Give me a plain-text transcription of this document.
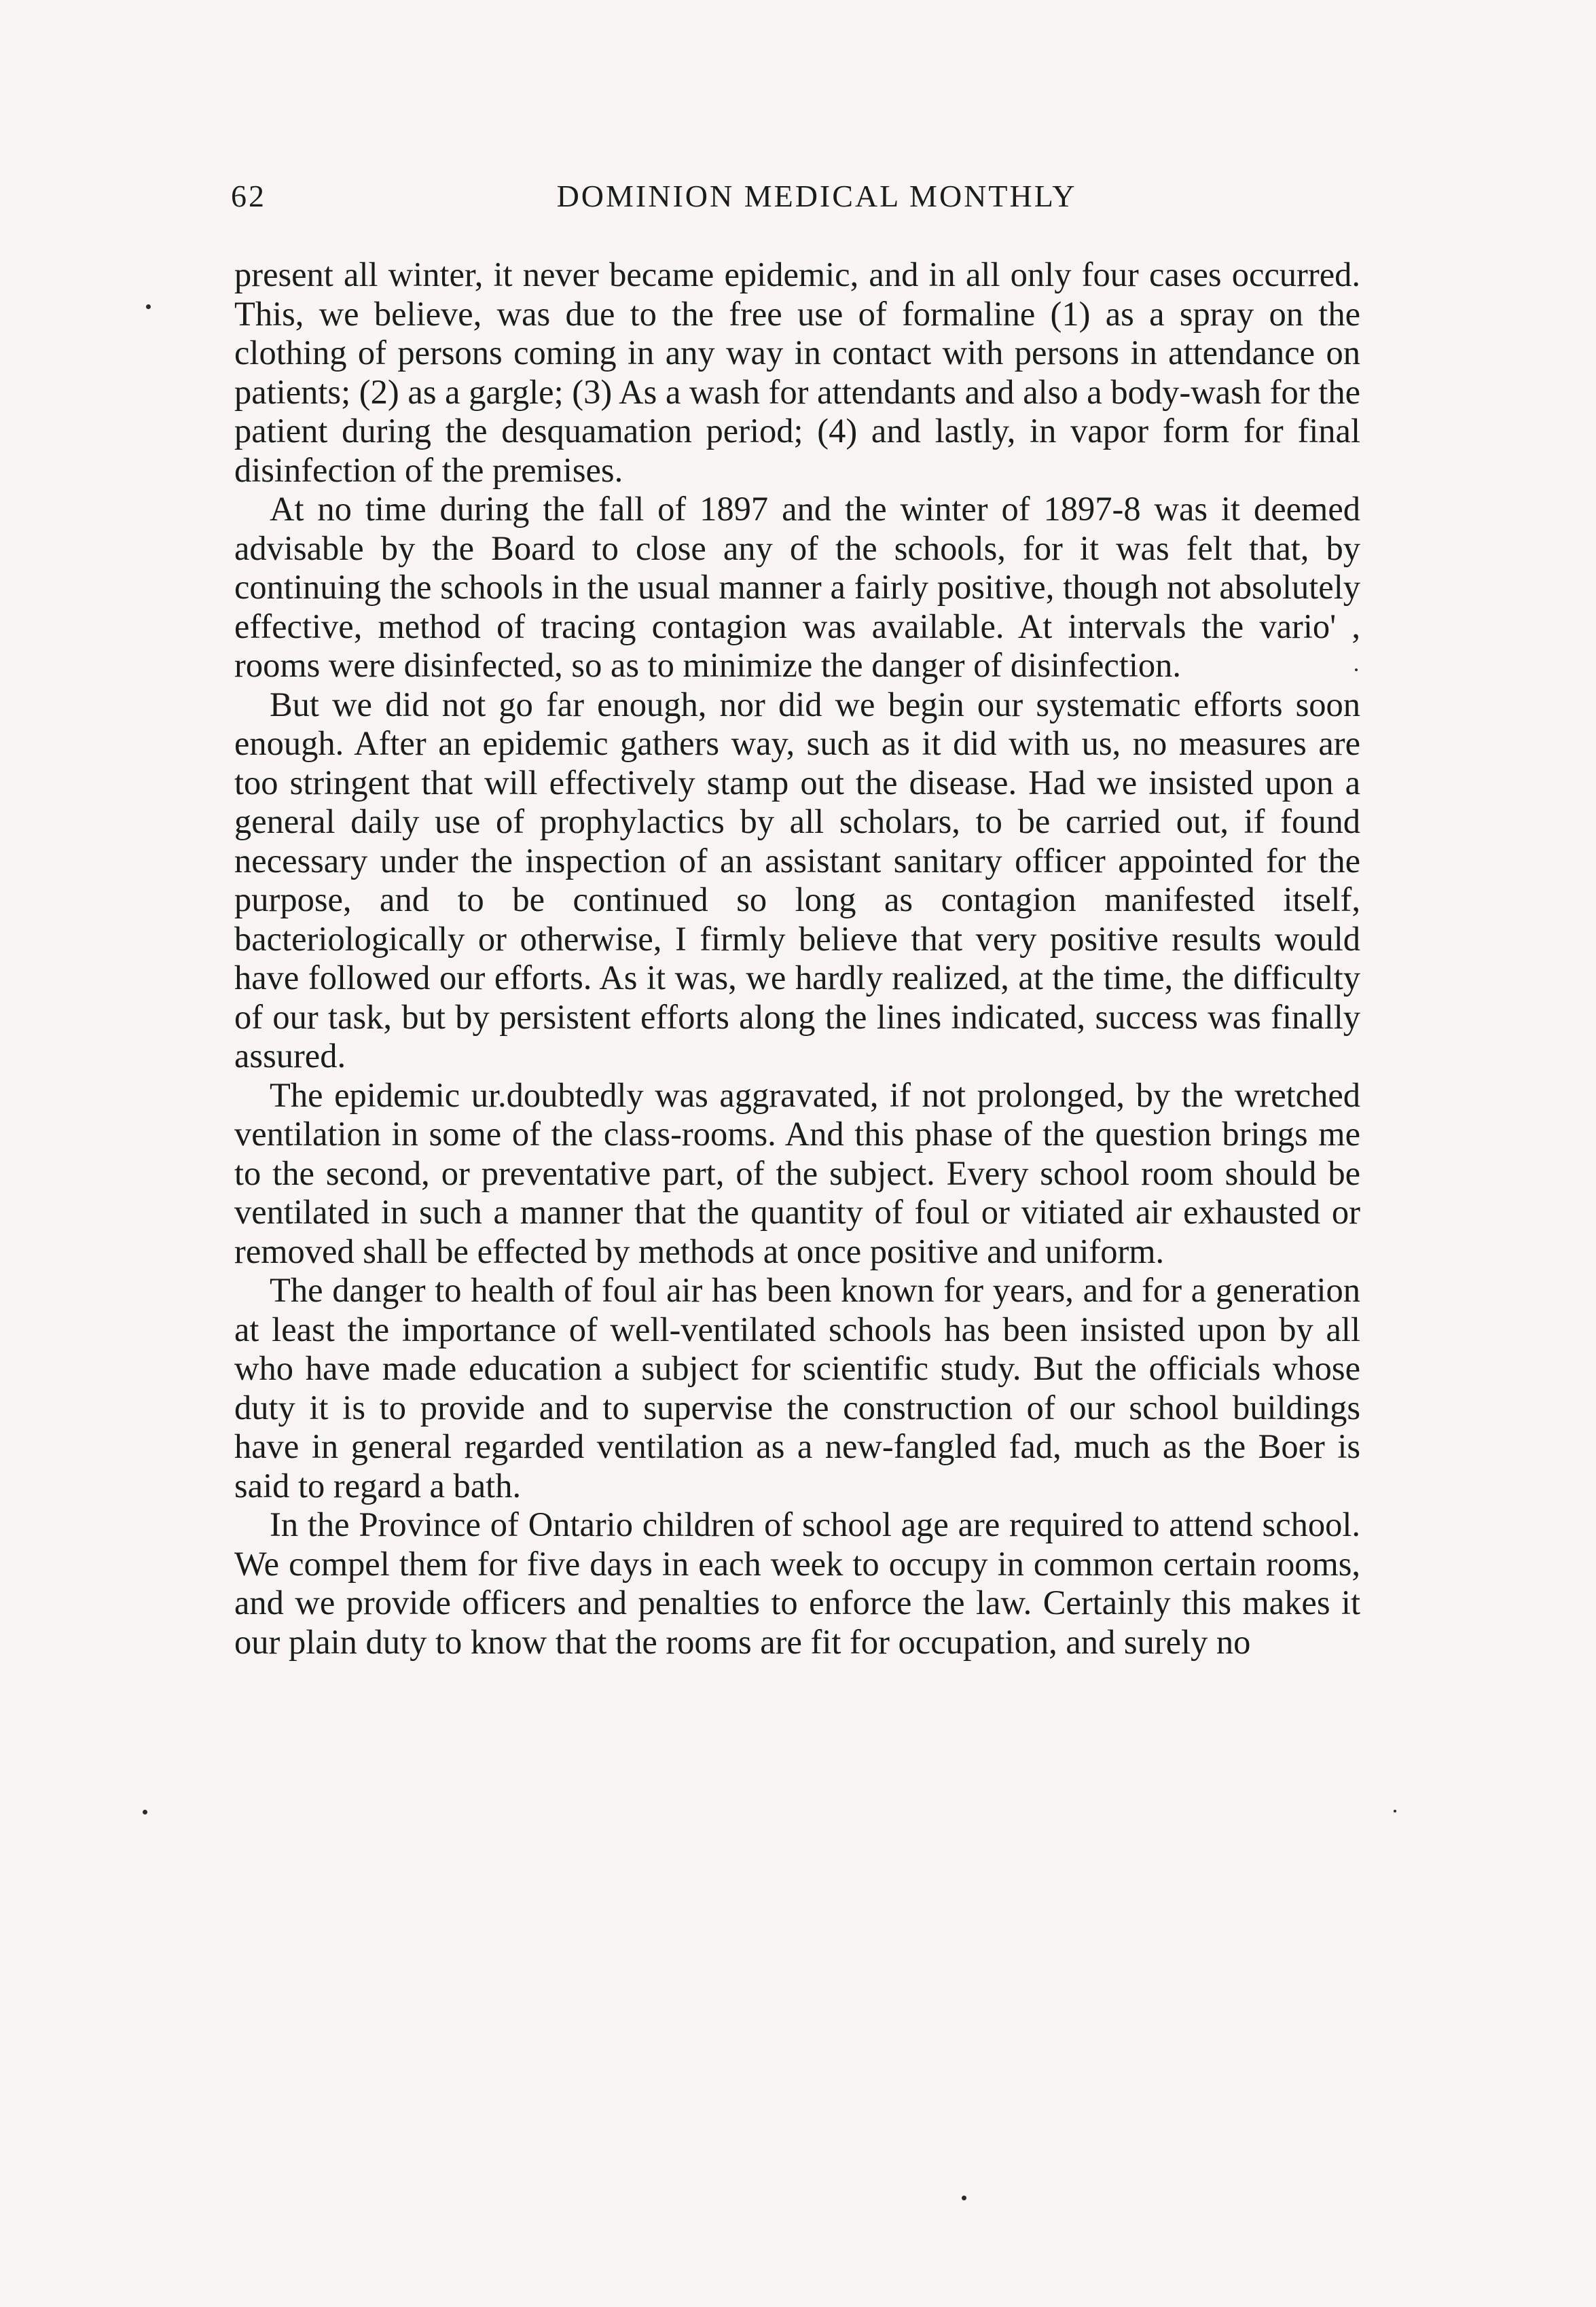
62	DOMINION MEDICAL MONTHLY

present all winter, it never became epidemic, and in all only four cases occurred. This, we believe, was due to the free use of formaline (1) as a spray on the clothing of persons coming in any way in contact with persons in attendance on patients; (2) as a gargle; (3) As a wash for attendants and also a body-wash for the patient during the desquamation period; (4) and lastly, in vapor form for final disinfection of the premises.

At no time during the fall of 1897 and the winter of 1897-8 was it deemed advisable by the Board to close any of the schools, for it was felt that, by continuing the schools in the usual manner a fairly positive, though not absolutely effective, method of tracing contagion was available. At intervals the vario' , rooms were disinfected, so as to minimize the danger of disinfection.

But we did not go far enough, nor did we begin our systematic efforts soon enough. After an epidemic gathers way, such as it did with us, no measures are too stringent that will effectively stamp out the disease. Had we insisted upon a general daily use of prophylactics by all scholars, to be carried out, if found necessary under the inspection of an assistant sanitary officer appointed for the purpose, and to be continued so long as contagion manifested itself, bacteriologically or otherwise, I firmly believe that very positive results would have followed our efforts. As it was, we hardly realized, at the time, the difficulty of our task, but by persistent efforts along the lines indicated, success was finally assured.

The epidemic ur.doubtedly was aggravated, if not prolonged, by the wretched ventilation in some of the class-rooms. And this phase of the question brings me to the second, or preventative part, of the subject. Every school room should be ventilated in such a manner that the quantity of foul or vitiated air exhausted or removed shall be effected by methods at once positive and uniform.

The danger to health of foul air has been known for years, and for a generation at least the importance of well-ventilated schools has been insisted upon by all who have made education a subject for scientific study. But the officials whose duty it is to provide and to supervise the construction of our school buildings have in general regarded ventilation as a new-fangled fad, much as the Boer is said to regard a bath.

In the Province of Ontario children of school age are required to attend school. We compel them for five days in each week to occupy in common certain rooms, and we provide officers and penalties to enforce the law. Certainly this makes it our plain duty to know that the rooms are fit for occupation, and surely no
